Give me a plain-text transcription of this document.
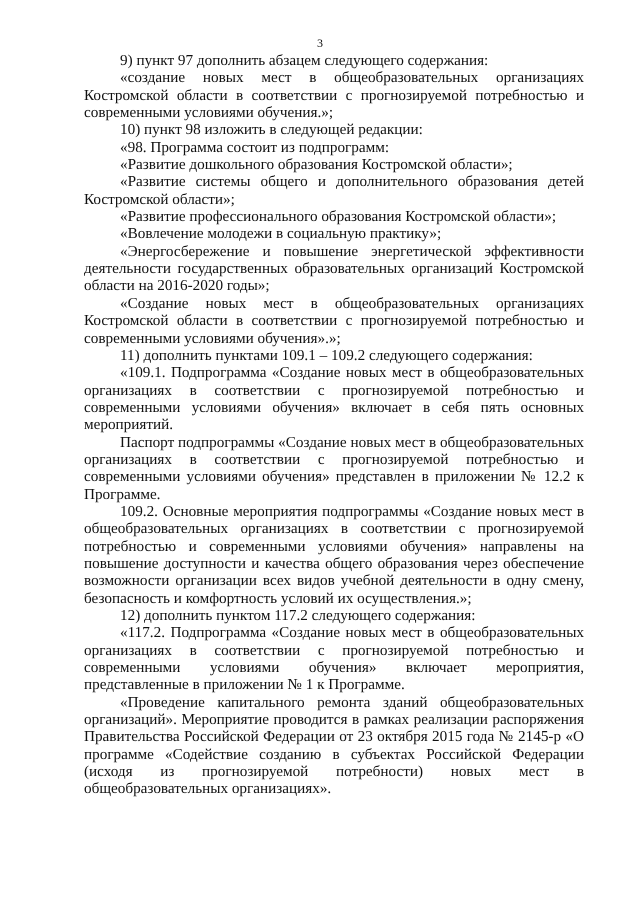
3

9) пункт 97 дополнить абзацем следующего содержания:

«создание новых мест в общеобразовательных организациях Костромской области в соответствии с прогнозируемой потребностью и современными условиями обучения.»;

10) пункт 98 изложить в следующей редакции:

«98. Программа состоит из подпрограмм:

«Развитие дошкольного образования Костромской области»;

«Развитие системы общего и дополнительного образования детей Костромской области»;

«Развитие профессионального образования Костромской области»;

«Вовлечение молодежи в социальную практику»;

«Энергосбережение и повышение энергетической эффективности деятельности государственных образовательных организаций Костромской области на 2016-2020 годы»;

«Создание новых мест в общеобразовательных организациях Костромской области в соответствии с прогнозируемой потребностью и современными условиями обучения».»;

11) дополнить пунктами 109.1 – 109.2 следующего содержания:

«109.1. Подпрограмма «Создание новых мест в общеобразовательных организациях в соответствии с прогнозируемой потребностью и современными условиями обучения» включает в себя пять основных мероприятий.

Паспорт подпрограммы «Создание новых мест в общеобразовательных организациях в соответствии с прогнозируемой потребностью и современными условиями обучения» представлен в приложении № 12.2 к Программе.

109.2. Основные мероприятия подпрограммы «Создание новых мест в общеобразовательных организациях в соответствии с прогнозируемой потребностью и современными условиями обучения» направлены на повышение доступности и качества общего образования через обеспечение возможности организации всех видов учебной деятельности в одну смену, безопасность и комфортность условий их осуществления.»;

12) дополнить пунктом 117.2 следующего содержания:

«117.2. Подпрограмма «Создание новых мест в общеобразовательных организациях в соответствии с прогнозируемой потребностью и современными условиями обучения» включает мероприятия, представленные в приложении № 1 к Программе.

«Проведение капитального ремонта зданий общеобразовательных организаций». Мероприятие проводится в рамках реализации распоряжения Правительства Российской Федерации от 23 октября 2015 года № 2145-р «О программе «Содействие созданию в субъектах Российской Федерации (исходя из прогнозируемой потребности) новых мест в общеобразовательных организациях».
